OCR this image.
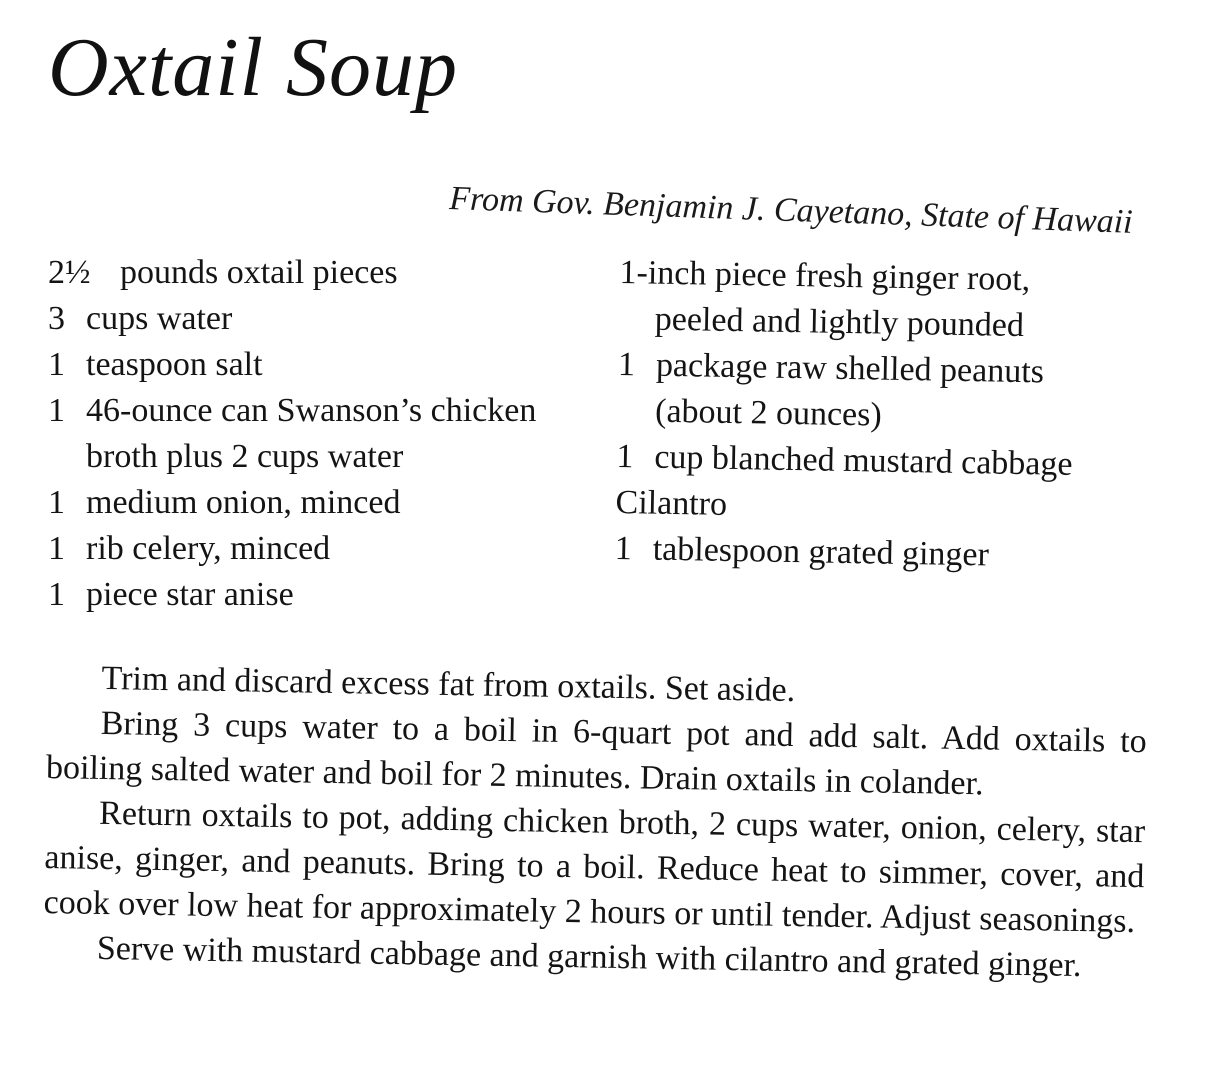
Oxtail Soup
From Gov. Benjamin J. Cayetano, State of Hawaii
2½ pounds oxtail pieces
3 cups water
1 teaspoon salt
1 46-ounce can Swanson’s chicken broth plus 2 cups water
1 medium onion, minced
1 rib celery, minced
1 piece star anise
1-inch piece fresh ginger root,
peeled and lightly pounded
1 package raw shelled peanuts (about 2 ounces)
1 cup blanched mustard cabbage
Cilantro
1 tablespoon grated ginger

Trim and discard excess fat from oxtails. Set aside.

Bring 3 cups water to a boil in 6-quart pot and add salt. Add oxtails to boiling salted water and boil for 2 minutes. Drain oxtails in colander.

Return oxtails to pot, adding chicken broth, 2 cups water, onion, celery, star anise, ginger, and peanuts. Bring to a boil. Reduce heat to simmer, cover, and cook over low heat for approximately 2 hours or until tender. Adjust seasonings.

Serve with mustard cabbage and garnish with cilantro and grated ginger.
